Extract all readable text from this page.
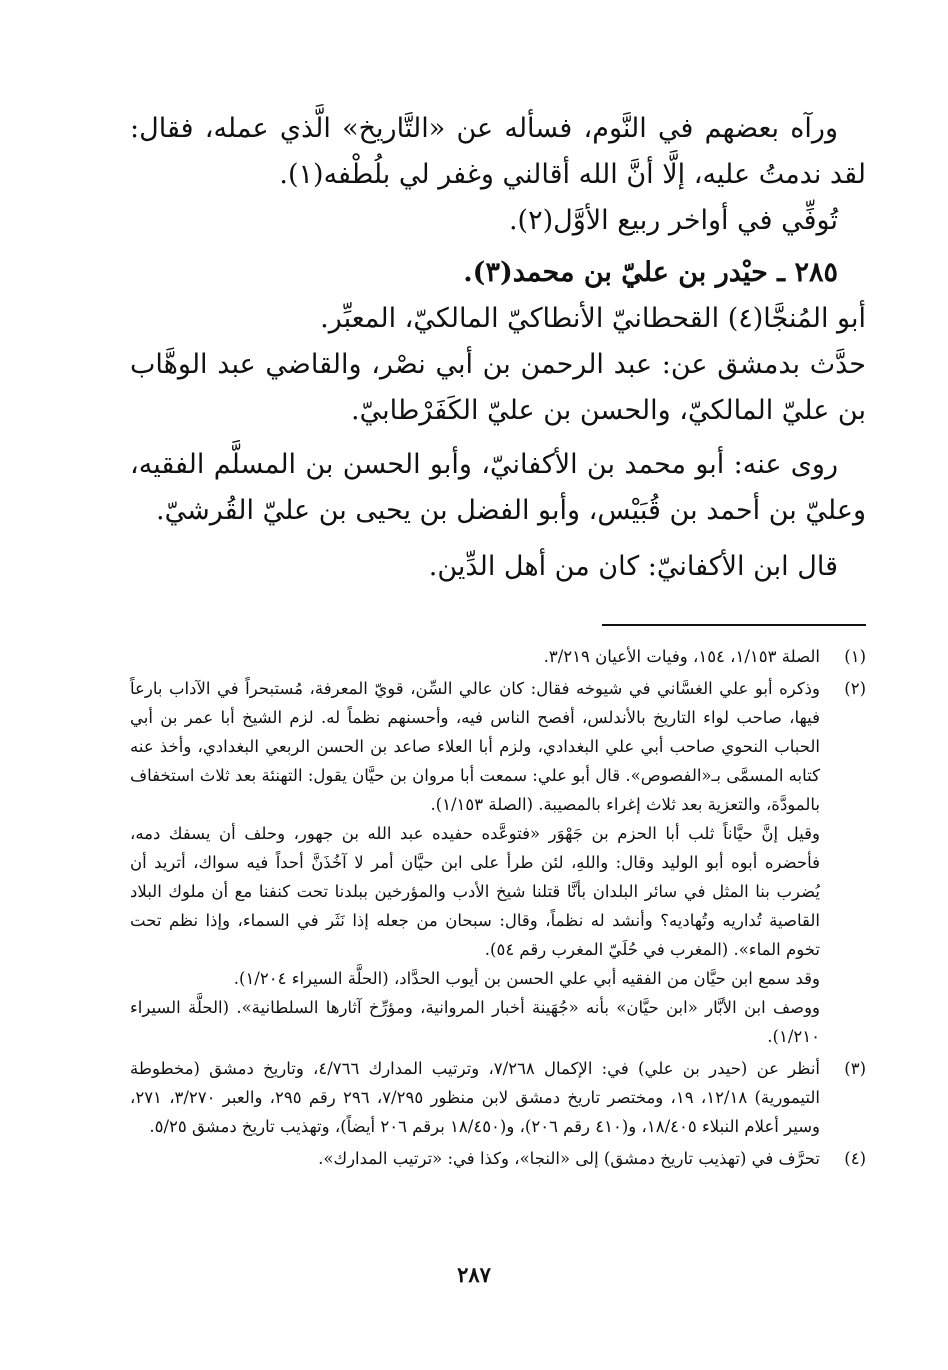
ورآه بعضهم في النَّوم، فسأله عن «التَّاريخ» الَّذي عمله، فقال: لقد ندمتُ عليه، إلَّا أنَّ الله أقالني وغفر لي بلُطْفه(١).

تُوفِّي في أواخر ربيع الأوَّل(٢).

٢٨٥ ـ حيْدر بن عليّ بن محمد(٣).

أبو المُنجَّا(٤) القحطانيّ الأنطاكيّ المالكيّ، المعبِّر.

حدَّث بدمشق عن: عبد الرحمن بن أبي نصْر، والقاضي عبد الوهَّاب بن عليّ المالكيّ، والحسن بن عليّ الكَفَرْطابيّ.

روى عنه: أبو محمد بن الأكفانيّ، وأبو الحسن بن المسلَّم الفقيه، وعليّ بن أحمد بن قُبَيْس، وأبو الفضل بن يحيى بن عليّ القُرشيّ.

قال ابن الأكفانيّ: كان من أهل الدِّين.

(١)

الصلة ١/١٥٣، ١٥٤، وفيات الأعيان ٣/٢١٩.

(٢)

وذكره أبو علي الغسَّاني في شيوخه فقال: كان عالي السِّن، قويّ المعرفة، مُستبحراً في الآداب بارعاً فيها، صاحب لواء التاريخ بالأندلس، أفصح الناس فيه، وأحسنهم نظماً له. لزم الشيخ أبا عمر بن أبي الحباب النحوي صاحب أبي علي البغدادي، ولزم أبا العلاء صاعد بن الحسن الربعي البغدادي، وأخذ عنه كتابه المسمَّى بـ«الفصوص». قال أبو علي: سمعت أبا مروان بن حيَّان يقول: التهنئة بعد ثلاث استخفاف بالمودَّة، والتعزية بعد ثلاث إغراء بالمصيبة. (الصلة ١/١٥٣).

وقيل إنَّ حيَّاناً ثلب أبا الحزم بن جَهْوَر «فتوعَّده حفيده عبد الله بن جهور، وحلف أن يسفك دمه، فأحضره أبوه أبو الوليد وقال: واللهِ، لئن طرأ على ابن حيَّان أمر لا آخُذَنَّ أحداً فيه سواك، أتريد أن يُضرب بنا المثل في سائر البلدان بأنَّا قتلنا شيخ الأدب والمؤرخين ببلدنا تحت كنفنا مع أن ملوك البلاد القاصية تُداريه وتُهاديه؟ وأنشد له نظماً، وقال: سبحان من جعله إذا نَثَر في السماء، وإذا نظم تحت تخوم الماء». (المغرب في حُلَيّ المغرب رقم ٥٤).

وقد سمع ابن حيَّان من الفقيه أبي علي الحسن بن أيوب الحدَّاد، (الحلَّة السيراء ١/٢٠٤).

ووصف ابن الأبَّار «ابن حيَّان» بأنه «جُهَينة أخبار المروانية، ومؤرِّخ آثارها السلطانية». (الحلَّة السيراء ١/٢١٠).

(٣)

أنظر عن (حيدر بن علي) في: الإكمال ٧/٢٦٨، وترتيب المدارك ٤/٧٦٦، وتاريخ دمشق (مخطوطة التيمورية) ١٢/١٨، ١٩، ومختصر تاريخ دمشق لابن منظور ٧/٢٩٥، ٢٩٦ رقم ٢٩٥، والعبر ٣/٢٧٠، ٢٧١، وسير أعلام النبلاء ١٨/٤٠٥، و(٤١٠ رقم ٢٠٦)، و(١٨/٤٥٠ برقم ٢٠٦ أيضاً)، وتهذيب تاريخ دمشق ٥/٢٥.

(٤)

تحرَّف في (تهذيب تاريخ دمشق) إلى «النجا»، وكذا في: «ترتيب المدارك».

٢٨٧
